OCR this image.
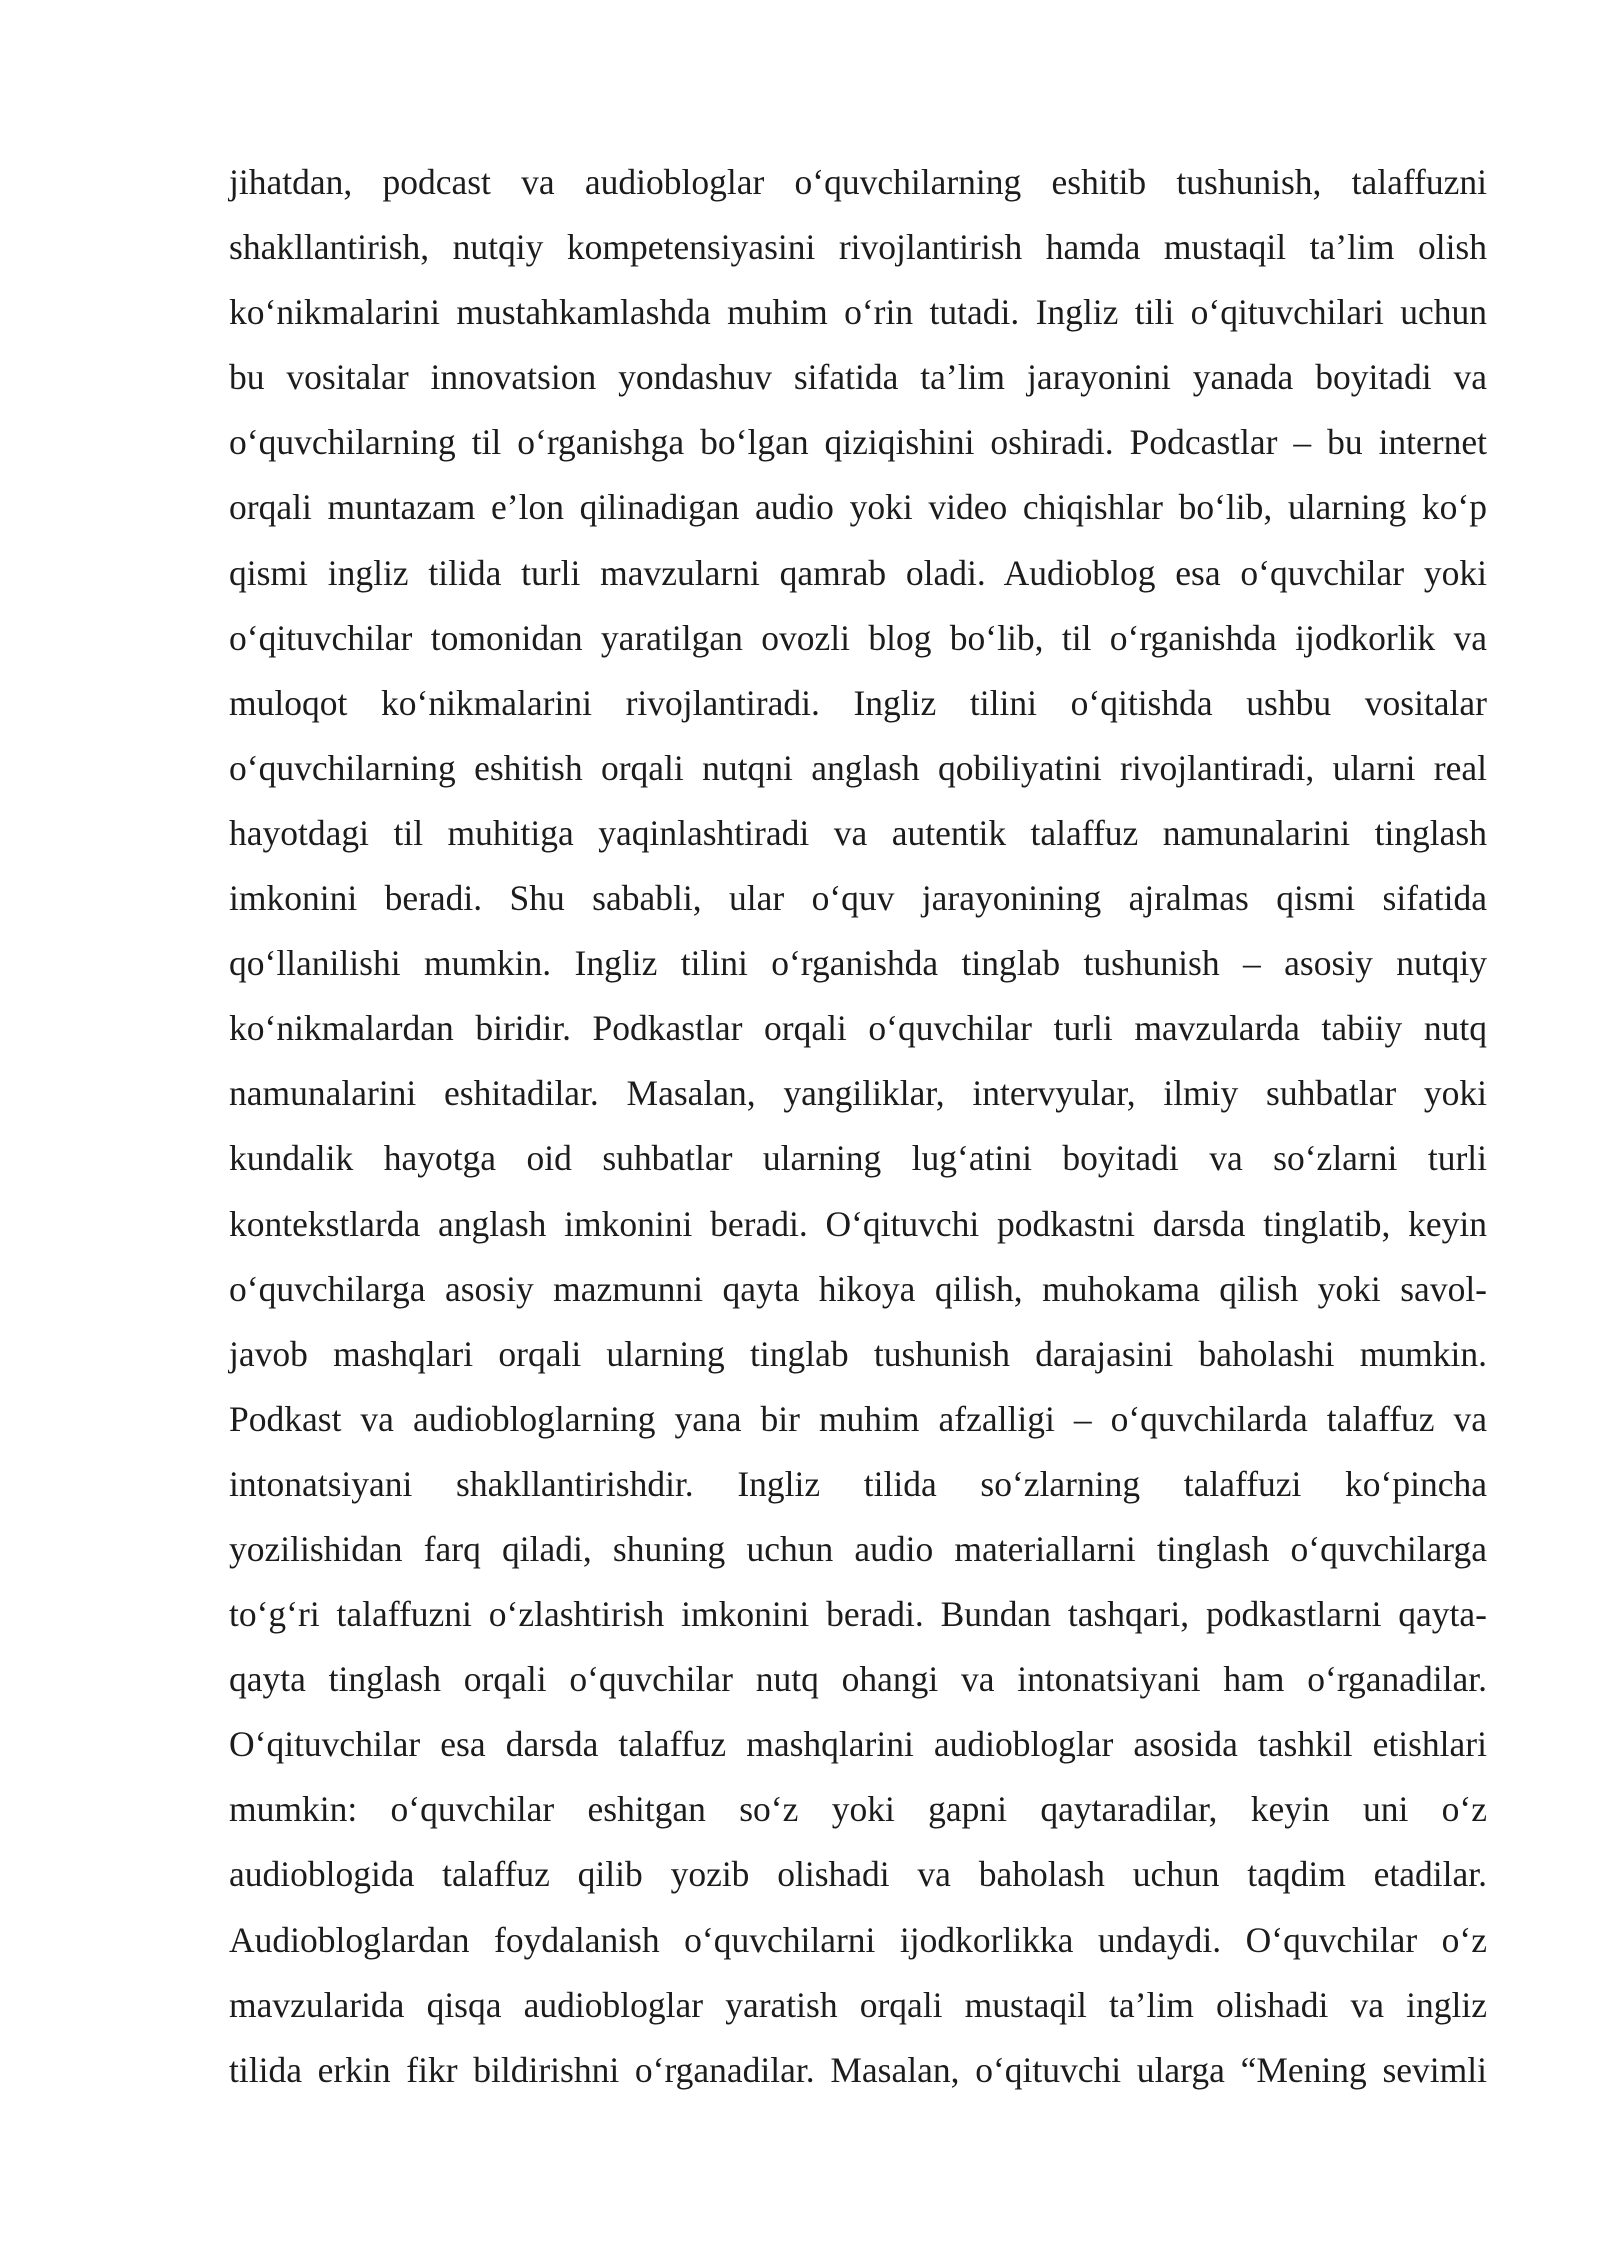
jihatdan, podcast va audiobloglar o‘quvchilarning eshitib tushunish, talaffuzni
shakllantirish, nutqiy kompetensiyasini rivojlantirish hamda mustaqil ta’lim olish
ko‘nikmalarini mustahkamlashda muhim o‘rin tutadi. Ingliz tili o‘qituvchilari uchun
bu vositalar innovatsion yondashuv sifatida ta’lim jarayonini yanada boyitadi va
o‘quvchilarning til o‘rganishga bo‘lgan qiziqishini oshiradi. Podcastlar – bu internet
orqali muntazam e’lon qilinadigan audio yoki video chiqishlar bo‘lib, ularning ko‘p
qismi ingliz tilida turli mavzularni qamrab oladi. Audioblog esa o‘quvchilar yoki
o‘qituvchilar tomonidan yaratilgan ovozli blog bo‘lib, til o‘rganishda ijodkorlik va
muloqot ko‘nikmalarini rivojlantiradi. Ingliz tilini o‘qitishda ushbu vositalar
o‘quvchilarning eshitish orqali nutqni anglash qobiliyatini rivojlantiradi, ularni real
hayotdagi til muhitiga yaqinlashtiradi va autentik talaffuz namunalarini tinglash
imkonini beradi. Shu sababli, ular o‘quv jarayonining ajralmas qismi sifatida
qo‘llanilishi mumkin. Ingliz tilini o‘rganishda tinglab tushunish – asosiy nutqiy
ko‘nikmalardan biridir. Podkastlar orqali o‘quvchilar turli mavzularda tabiiy nutq
namunalarini eshitadilar. Masalan, yangiliklar, intervyular, ilmiy suhbatlar yoki
kundalik hayotga oid suhbatlar ularning lug‘atini boyitadi va so‘zlarni turli
kontekstlarda anglash imkonini beradi. O‘qituvchi podkastni darsda tinglatib, keyin
o‘quvchilarga asosiy mazmunni qayta hikoya qilish, muhokama qilish yoki savol-
javob mashqlari orqali ularning tinglab tushunish darajasini baholashi mumkin.
Podkast va audiobloglarning yana bir muhim afzalligi – o‘quvchilarda talaffuz va
intonatsiyani shakllantirishdir. Ingliz tilida so‘zlarning talaffuzi ko‘pincha
yozilishidan farq qiladi, shuning uchun audio materiallarni tinglash o‘quvchilarga
to‘g‘ri talaffuzni o‘zlashtirish imkonini beradi. Bundan tashqari, podkastlarni qayta-
qayta tinglash orqali o‘quvchilar nutq ohangi va intonatsiyani ham o‘rganadilar.
O‘qituvchilar esa darsda talaffuz mashqlarini audiobloglar asosida tashkil etishlari
mumkin: o‘quvchilar eshitgan so‘z yoki gapni qaytaradilar, keyin uni o‘z
audioblogida talaffuz qilib yozib olishadi va baholash uchun taqdim etadilar.
Audiobloglardan foydalanish o‘quvchilarni ijodkorlikka undaydi. O‘quvchilar o‘z
mavzularida qisqa audiobloglar yaratish orqali mustaqil ta’lim olishadi va ingliz
tilida erkin fikr bildirishni o‘rganadilar. Masalan, o‘qituvchi ularga “Mening sevimli
